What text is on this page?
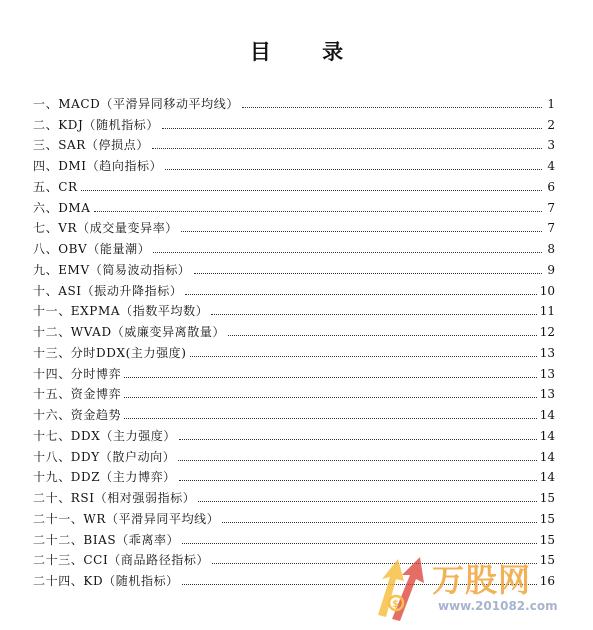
目 录
一、MACD（平滑异同移动平均线）	1
二、KDJ（随机指标）	2
三、SAR（停损点）	3
四、DMI（趋向指标）	4
五、CR	6
六、DMA	7
七、VR（成交量变异率）	7
八、OBV（能量潮）	8
九、EMV（简易波动指标）	9
十、ASI（振动升降指标）	10
十一、EXPMA（指数平均数）	11
十二、WVAD（威廉变异离散量）	12
十三、分时DDX(主力强度)	13
十四、分时博弈	13
十五、资金博弈	13
十六、资金趋势	14
十七、DDX（主力强度）	14
十八、DDY（散户动向）	14
十九、DDZ（主力博弈）	14
二十、RSI（相对强弱指标）	15
二十一、WR（平滑异同平均线）	15
二十二、BIAS（乖离率）	15
二十三、CCI（商品路径指标）	15
二十四、KD（随机指标）	16
$
万股网
www.201082.com
